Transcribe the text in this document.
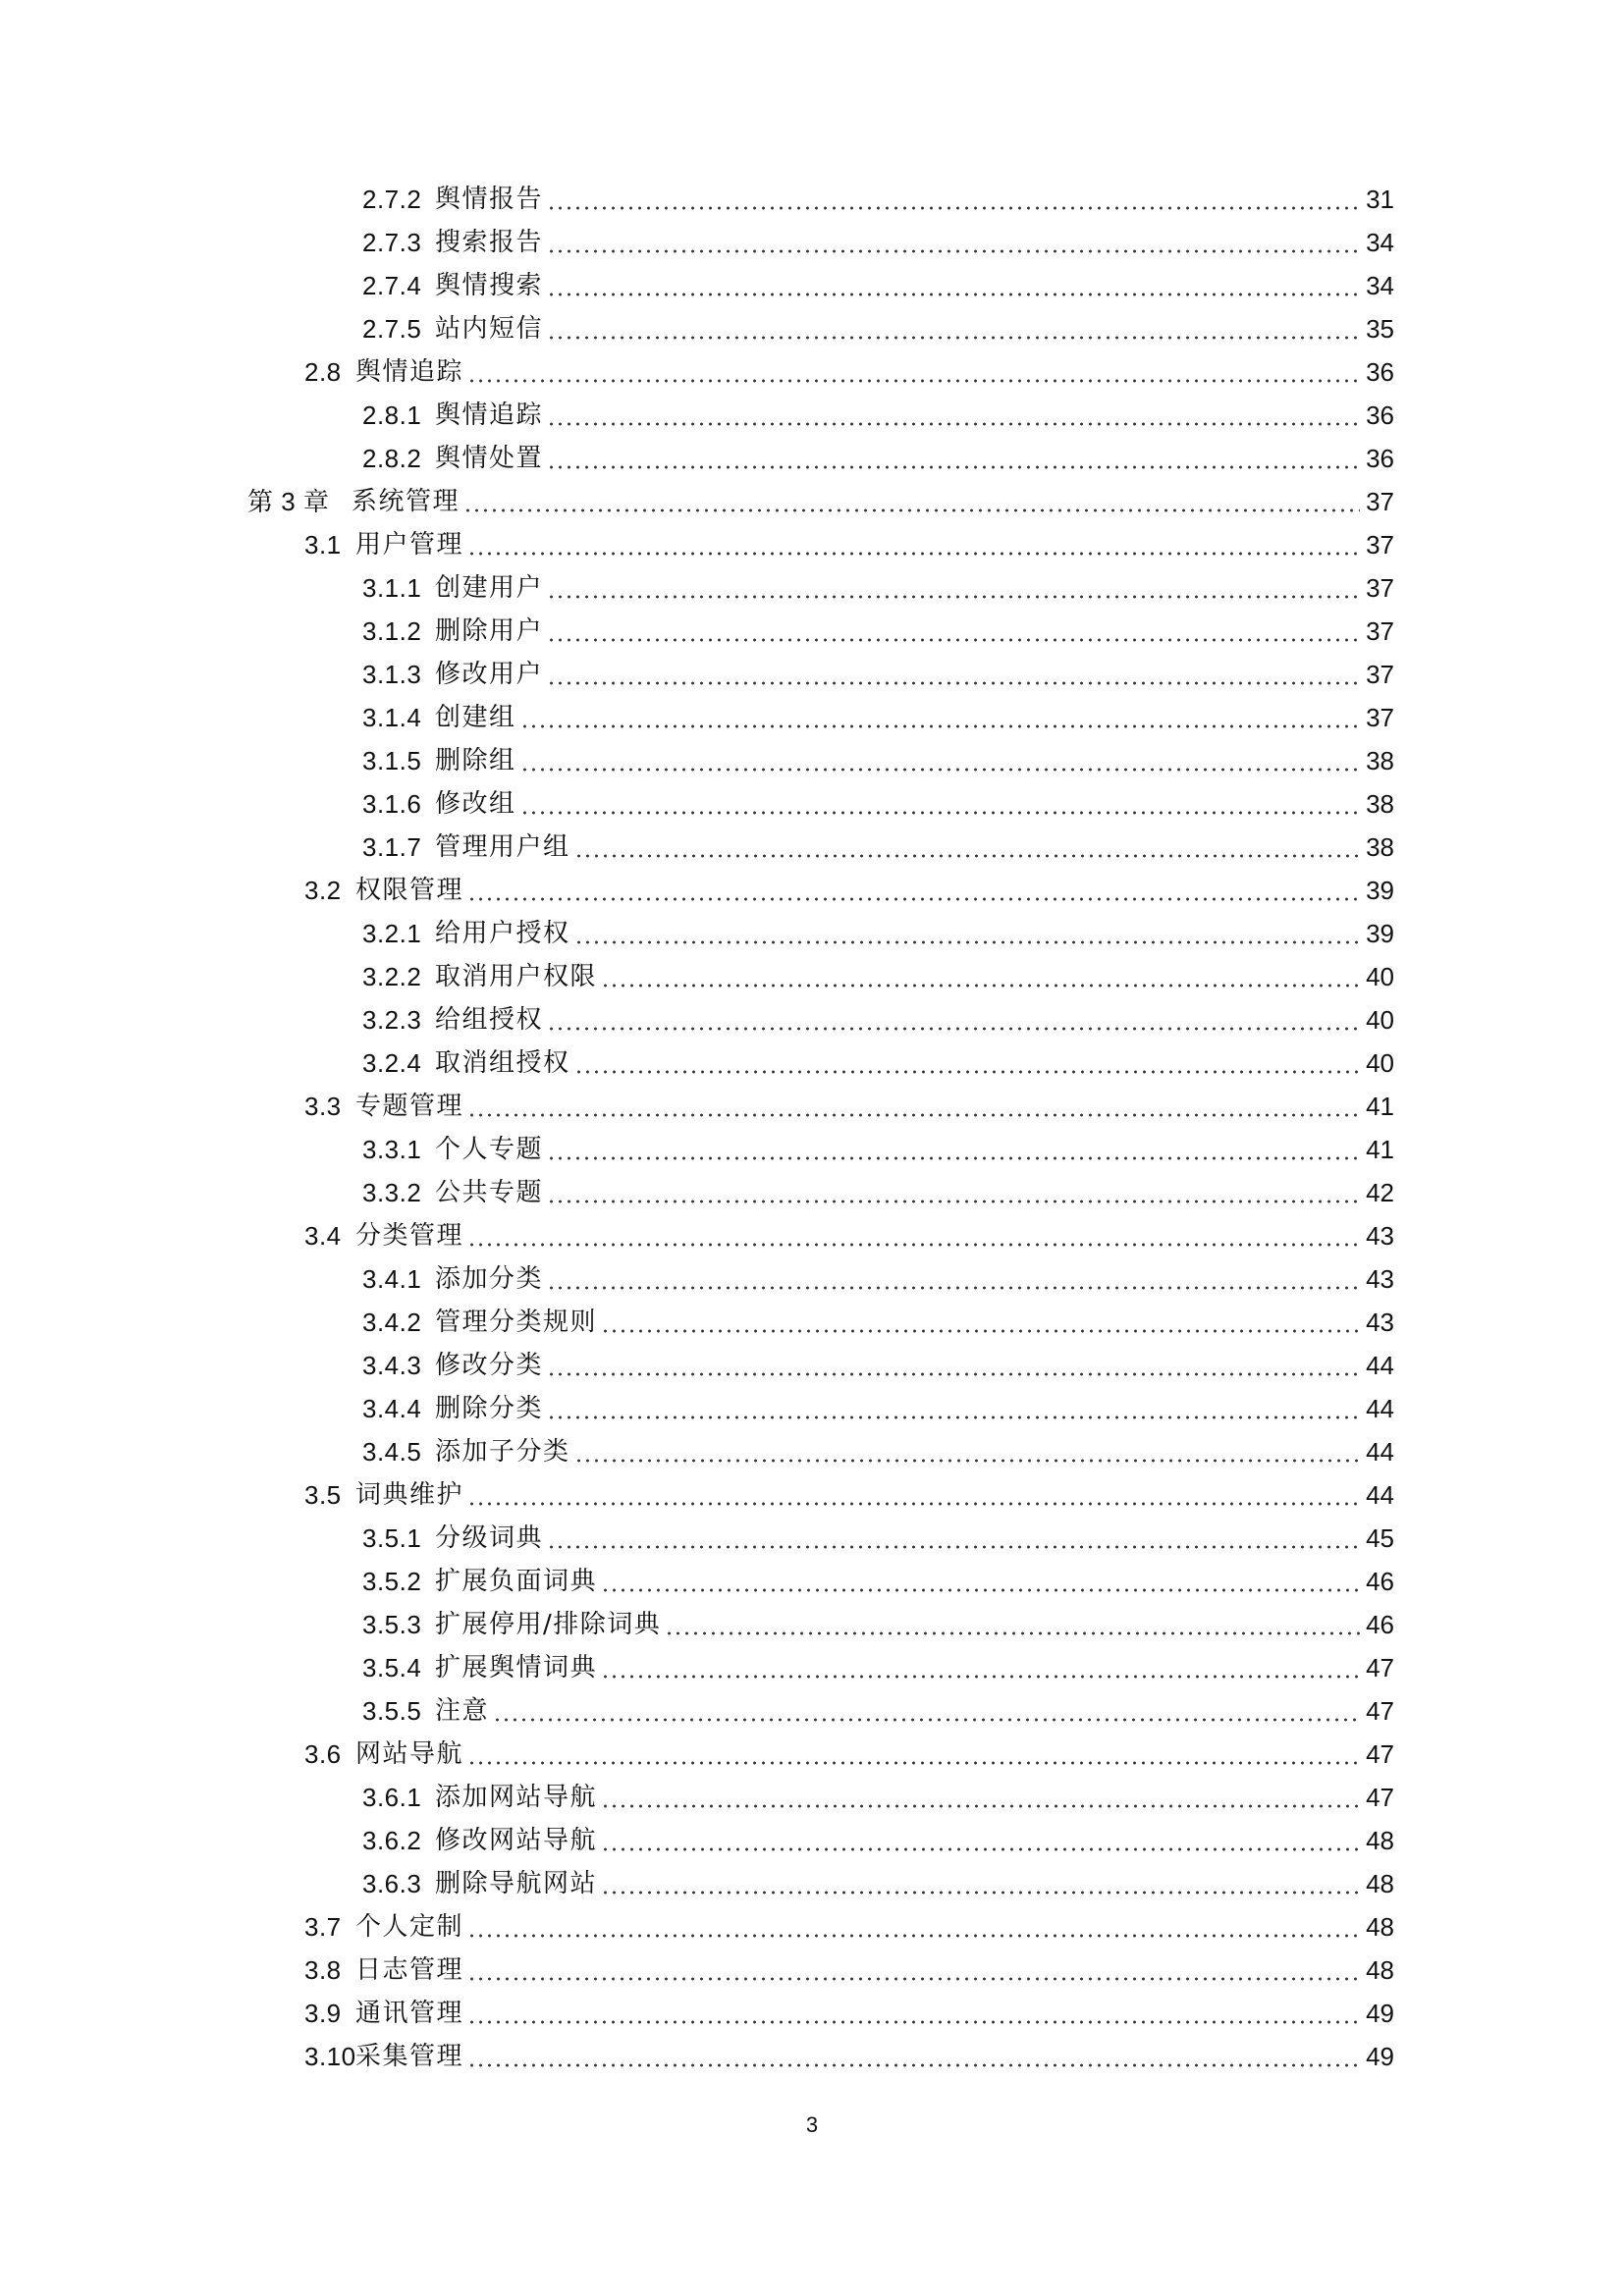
2.7.2 舆情报告	31
2.7.3 搜索报告	34
2.7.4 舆情搜索	34
2.7.5 站内短信	35
2.8 舆情追踪	36
2.8.1 舆情追踪	36
2.8.2 舆情处置	36
第 3 章 系统管理	37
3.1 用户管理	37
3.1.1 创建用户	37
3.1.2 删除用户	37
3.1.3 修改用户	37
3.1.4 创建组	37
3.1.5 删除组	38
3.1.6 修改组	38
3.1.7 管理用户组	38
3.2 权限管理	39
3.2.1 给用户授权	39
3.2.2 取消用户权限	40
3.2.3 给组授权	40
3.2.4 取消组授权	40
3.3 专题管理	41
3.3.1 个人专题	41
3.3.2 公共专题	42
3.4 分类管理	43
3.4.1 添加分类	43
3.4.2 管理分类规则	43
3.4.3 修改分类	44
3.4.4 删除分类	44
3.4.5 添加子分类	44
3.5 词典维护	44
3.5.1 分级词典	45
3.5.2 扩展负面词典	46
3.5.3 扩展停用/排除词典	46
3.5.4 扩展舆情词典	47
3.5.5 注意	47
3.6 网站导航	47
3.6.1 添加网站导航	47
3.6.2 修改网站导航	48
3.6.3 删除导航网站	48
3.7 个人定制	48
3.8 日志管理	48
3.9 通讯管理	49
3.10 采集管理	49
3
